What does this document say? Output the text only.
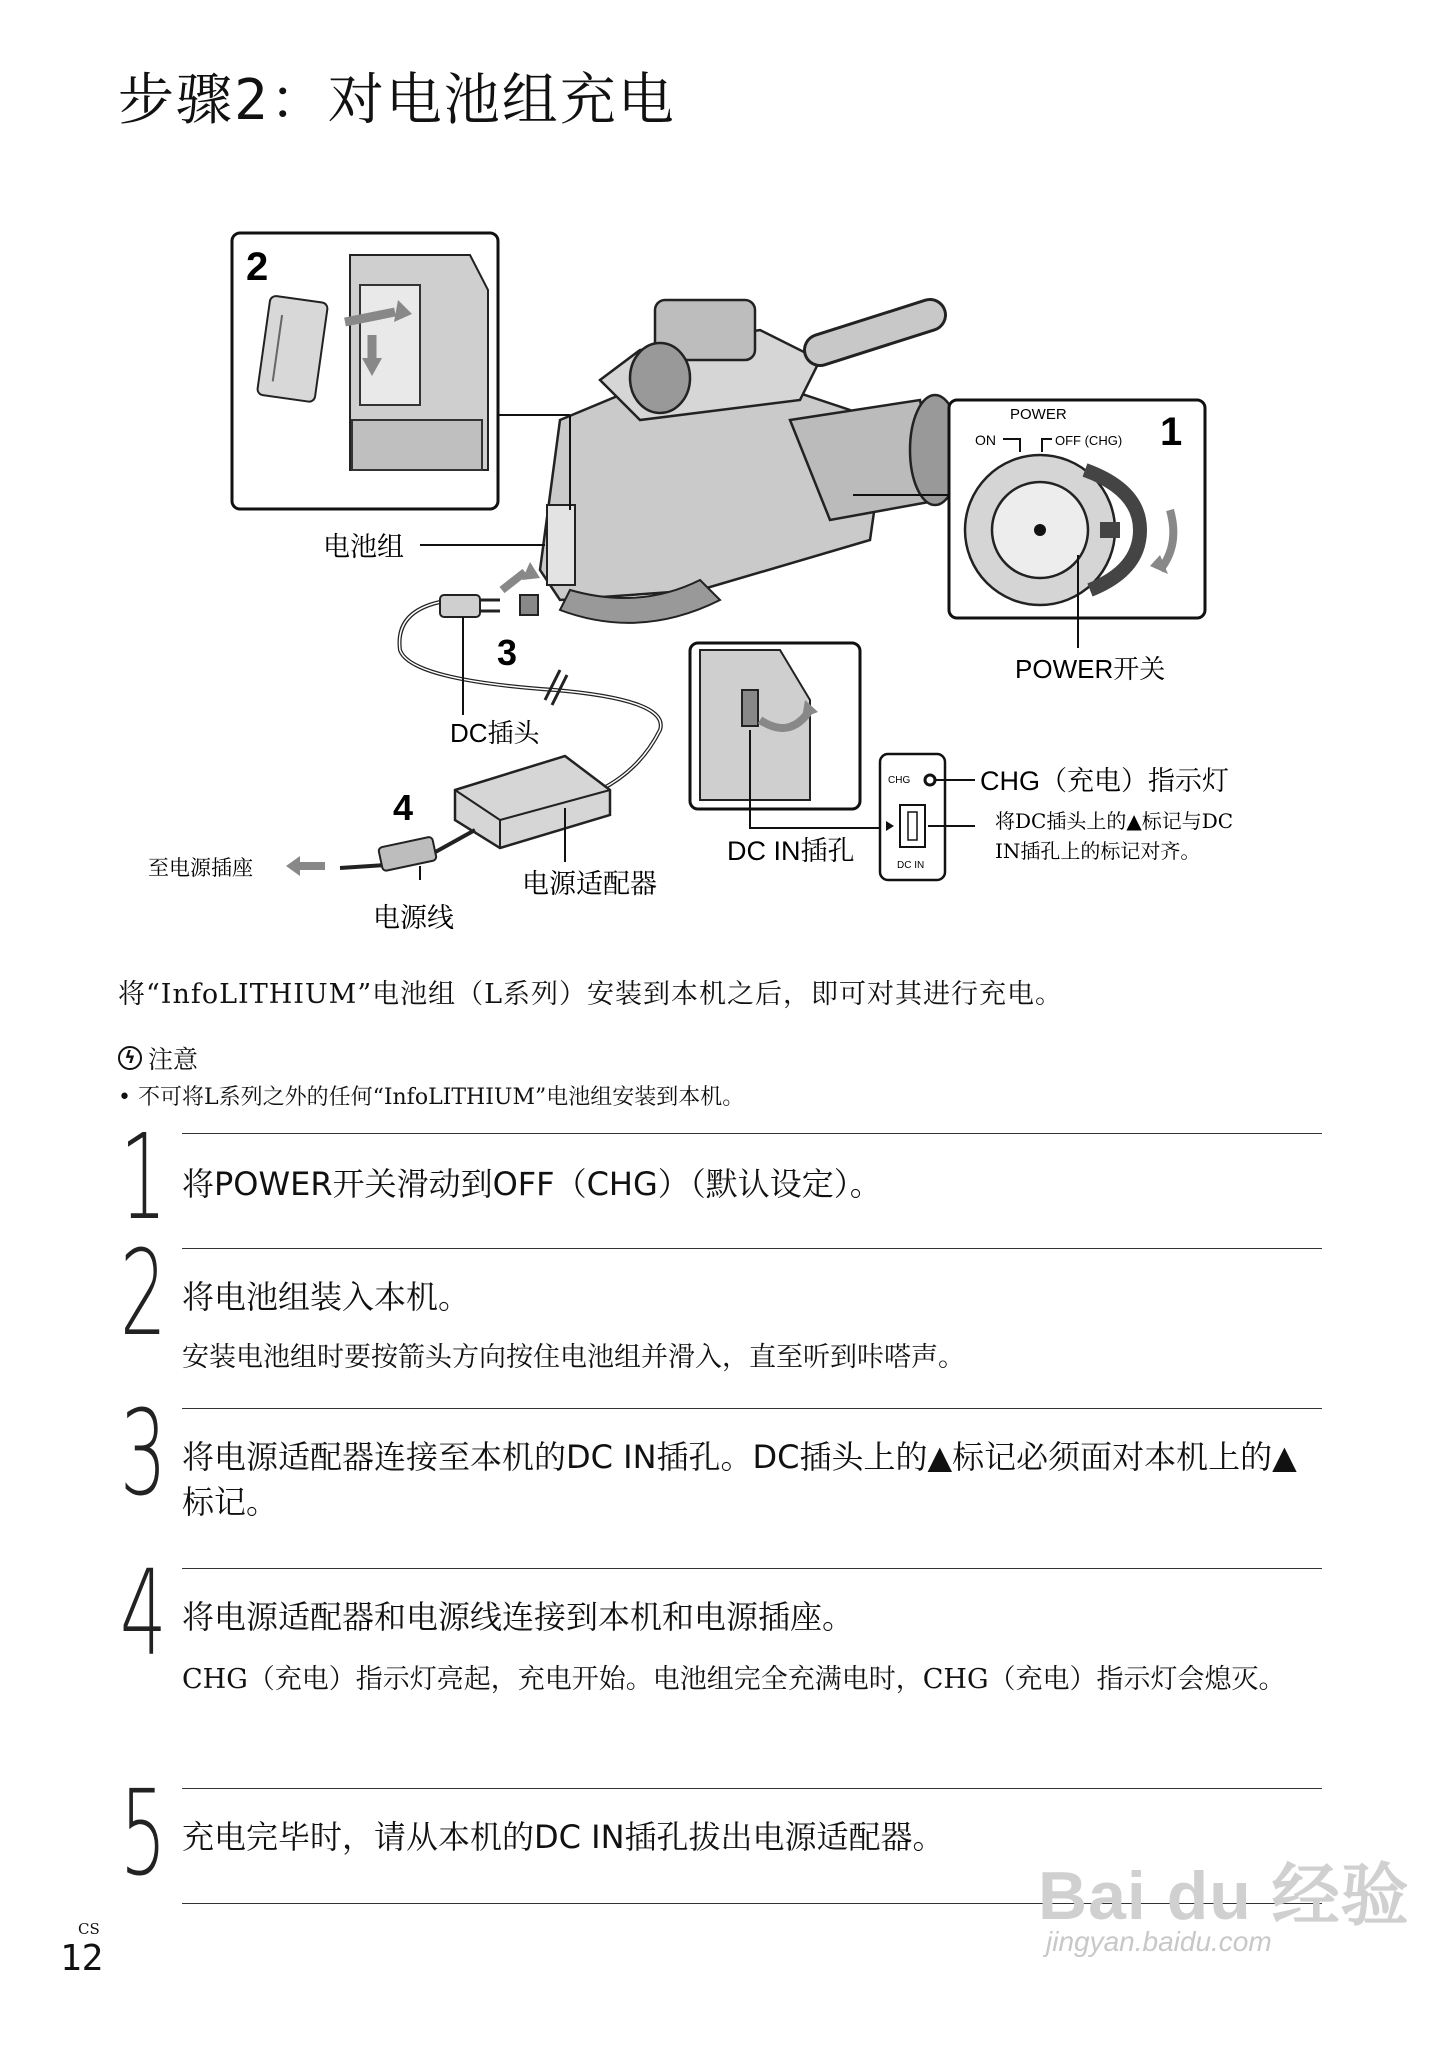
步骤2：对电池组充电
2
POWER
ON	OFF (CHG) 1
CHG
DC IN
3
4
电池组
POWER开关
DC插头
CHG（充电）指示灯
将DC插头上的▲标记与DC
IN插孔上的标记对齐。
DC IN插孔
至电源插座
电源适配器
电源线
将“InfoLITHIUM”电池组（L系列）安装到本机之后，即可对其进行充电。
ϟ 注意
• 不可将L系列之外的任何“InfoLITHIUM”电池组安装到本机。
1 将POWER开关滑动到OFF（CHG）（默认设定）。
2 将电池组装入本机。
安装电池组时要按箭头方向按住电池组并滑入，直至听到咔嗒声。
3 将电源适配器连接至本机的DC IN插孔。DC插头上的▲标记必须面对本机上的▲标记。
4 将电源适配器和电源线连接到本机和电源插座。
CHG（充电）指示灯亮起，充电开始。电池组完全充满电时，CHG（充电）指示灯会熄灭。
5 充电完毕时，请从本机的DC IN插孔拔出电源适配器。
CS
12
Bai du 经验
jingyan.baidu.com
